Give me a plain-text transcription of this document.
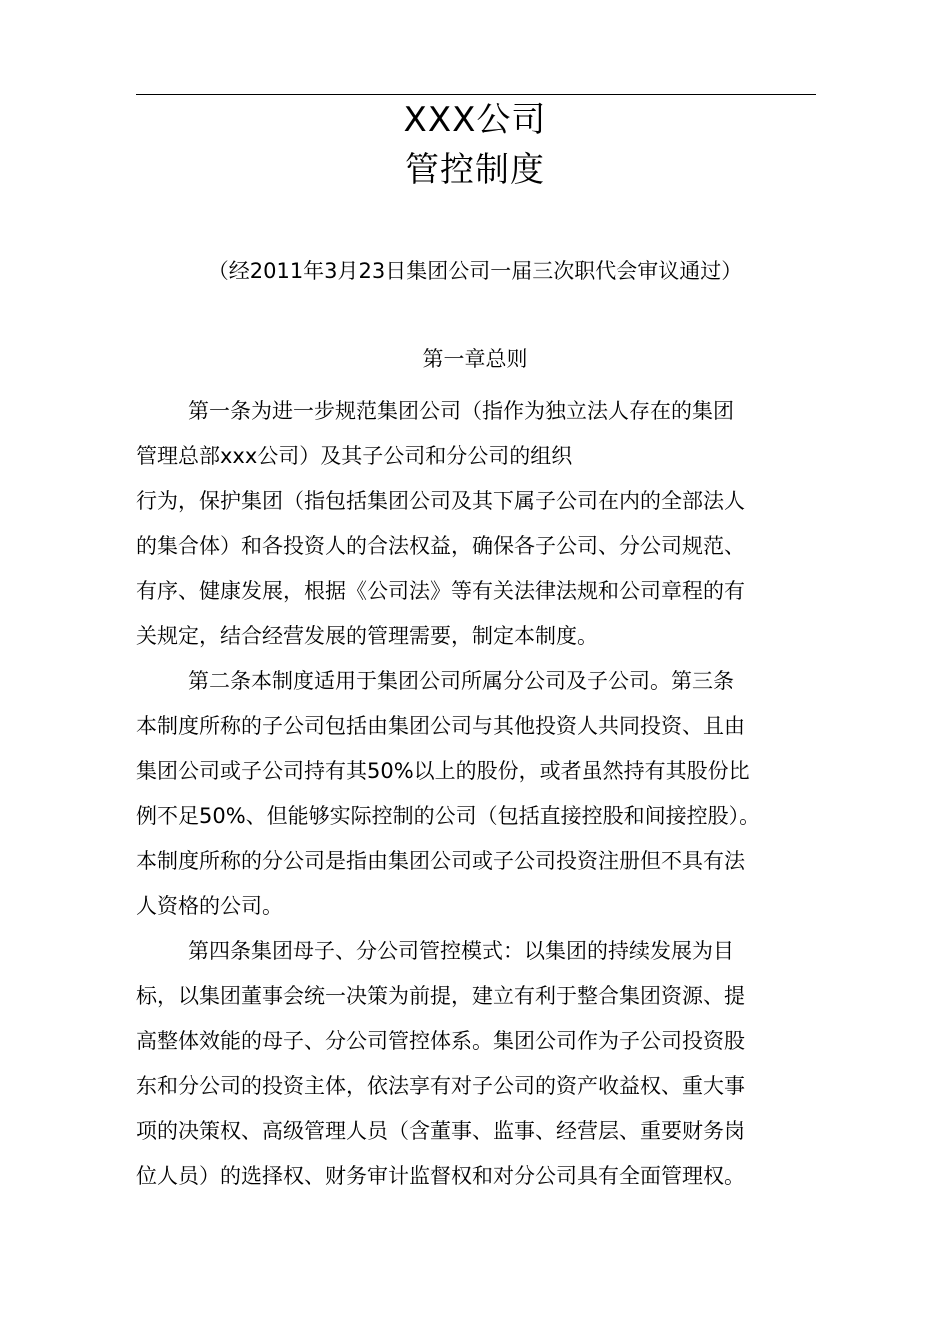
XXX公司
管控制度
（经2011年3月23日集团公司一届三次职代会审议通过）
第一章总则
第一条为进一步规范集团公司（指作为独立法人存在的集团
管理总部xxx公司）及其子公司和分公司的组织
行为，保护集团（指包括集团公司及其下属子公司在内的全部法人
的集合体）和各投资人的合法权益，确保各子公司、分公司规范、
有序、健康发展，根据《公司法》等有关法律法规和公司章程的有
关规定，结合经营发展的管理需要，制定本制度。
第二条本制度适用于集团公司所属分公司及子公司。第三条
本制度所称的子公司包括由集团公司与其他投资人共同投资、且由
集团公司或子公司持有其50%以上的股份，或者虽然持有其股份比
例不足50%、但能够实际控制的公司（包括直接控股和间接控股）。
本制度所称的分公司是指由集团公司或子公司投资注册但不具有法
人资格的公司。
第四条集团母子、分公司管控模式：以集团的持续发展为目
标，以集团董事会统一决策为前提，建立有利于整合集团资源、提
高整体效能的母子、分公司管控体系。集团公司作为子公司投资股
东和分公司的投资主体，依法享有对子公司的资产收益权、重大事
项的决策权、高级管理人员（含董事、监事、经营层、重要财务岗
位人员）的选择权、财务审计监督权和对分公司具有全面管理权。
